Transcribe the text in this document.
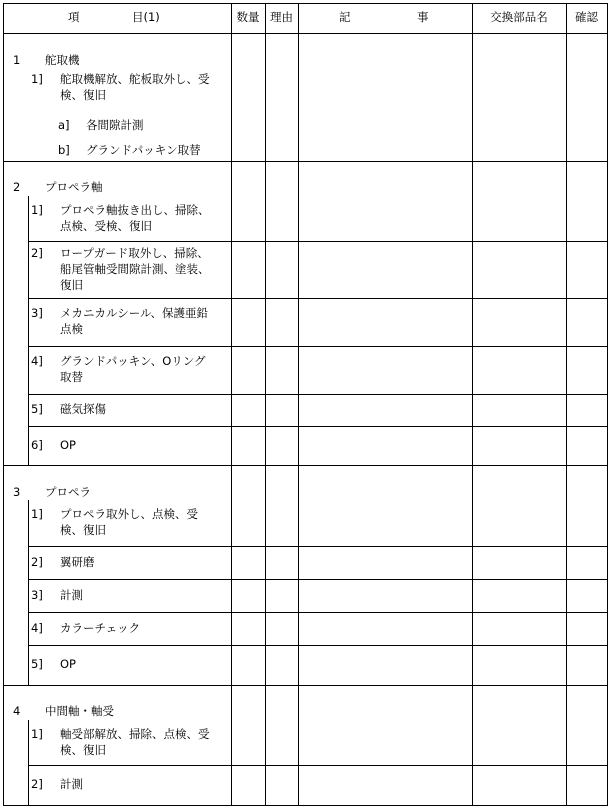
項	目(1)	数量 理由	記	事	交換部品名	確認
1 舵取機
1] 舵取機解放、舵板取外し、受
検、復旧
a] 各間隙計測
b] グランドパッキン取替
2 プロペラ軸
1] プロペラ軸抜き出し、掃除、
点検、受検、復旧
2] ロープガード取外し、掃除、
船尾管軸受間隙計測、塗装、
復旧
3] メカニカルシール、保護亜鉛
点検
4] グランドパッキン、Oリング
取替
5] 磁気探傷
6] OP
3 プロペラ
1] プロペラ取外し、点検、受
検、復旧
2] 翼研磨
3] 計測
4] カラーチェック
5] OP
4 中間軸・軸受
1] 軸受部解放、掃除、点検、受
検、復旧
2] 計測
